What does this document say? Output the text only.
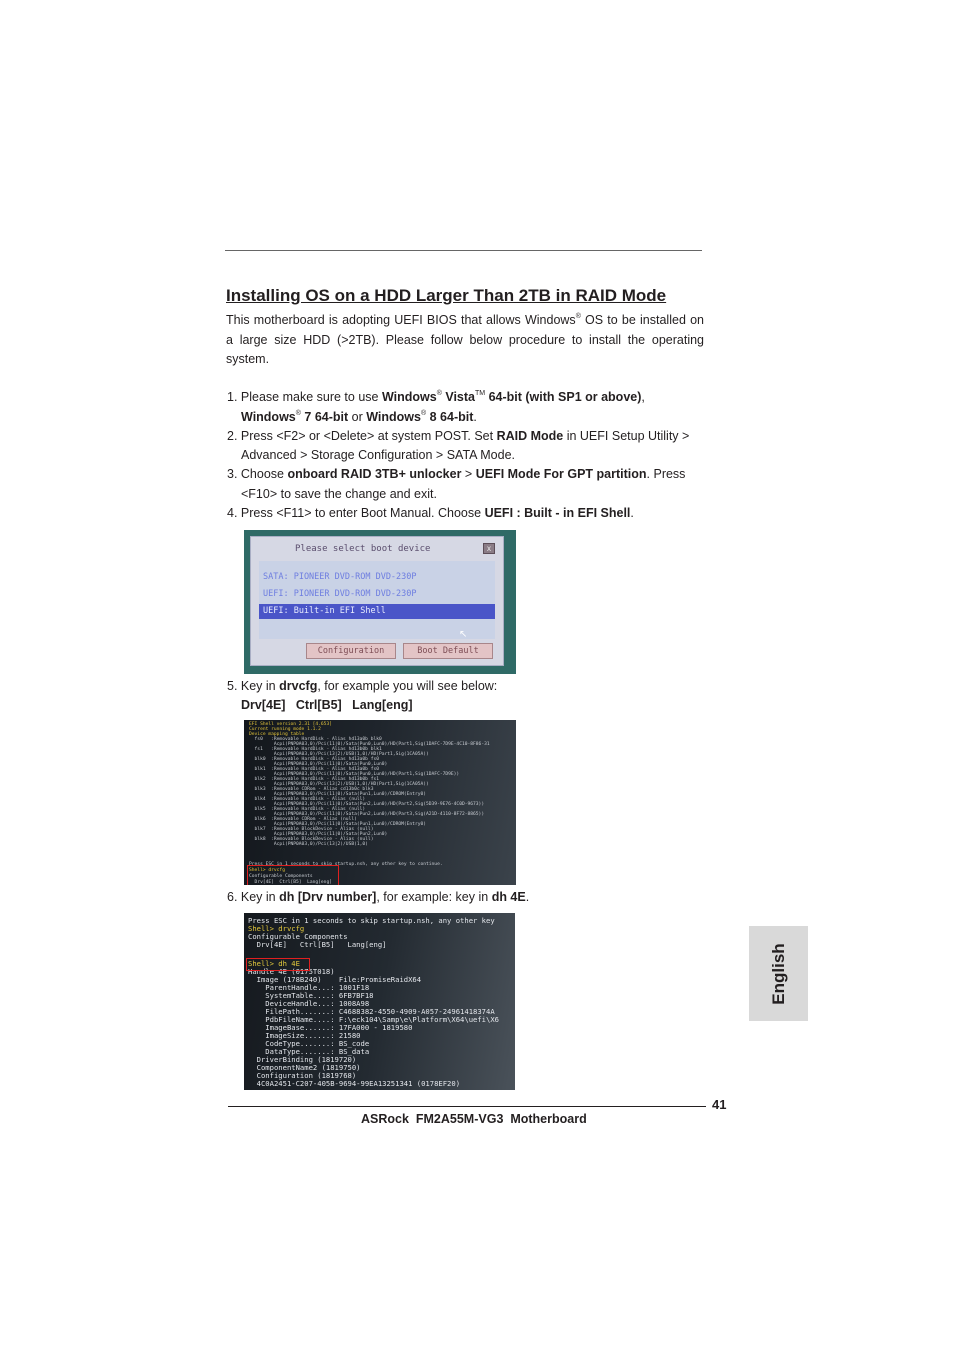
Installing OS on a HDD Larger Than 2TB in RAID Mode
This motherboard is adopting UEFI BIOS that allows Windows® OS to be installed on a large size HDD (>2TB). Please follow below procedure to install the operating system.
1. Please make sure to use Windows® Vista™ 64-bit (with SP1 or above),
Windows® 7 64-bit or Windows® 8 64-bit.
2. Press <F2> or <Delete> at system POST. Set RAID Mode in UEFI Setup Utility >
Advanced > Storage Configuration > SATA Mode.
3. Choose onboard RAID 3TB+ unlocker > UEFI Mode For GPT partition. Press
<F10> to save the change and exit.
4. Press <F11> to enter Boot Manual. Choose UEFI : Built - in EFI Shell.
Please select boot device	x
SATA: PIONEER DVD-ROM DVD-230P
UEFI: PIONEER DVD-ROM DVD-230P
UEFI: Built-in EFI Shell
↖
Configuration	Boot Default
5. Key in drvcfg, for example you will see below:
Drv[4E]   Ctrl[B5]   Lang[eng]
EFI Shell version 2.31 [4.653]
Current running mode 1.1.2
Device mapping table
fs0   :Removable HardDisk - Alias hd13a0b blk0
Acpi(PNP0A03,0)/Pci(11|0)/Sata(Pun0,Lun0)/HD(Part1,Sig(1DAFC-7D9E-4C10-8F86-31
fs1   :Removable HardDisk - Alias hd13b0b blk1
Acpi(PNP0A03,0)/Pci(13|2)/USB(1,0)/HD(Part1,Sig(1CA05A))
blk0  :Removable HardDisk - Alias hd13a0b fs0
Acpi(PNP0A03,0)/Pci(11|0)/Sata(Pun0,Lun0)
blk1  :Removable HardDisk - Alias hd13a0b fs0
Acpi(PNP0A03,0)/Pci(11|0)/Sata(Pun0,Lun0)/HD(Part1,Sig(1DAFC-7D9E))
blk2  :Removable HardDisk - Alias hd13b0b fs1
Acpi(PNP0A03,0)/Pci(13|2)/USB(1,0)/HD(Part1,Sig(1CA05A))
blk3  :Removable CDRom - Alias cd13b0c blk3
Acpi(PNP0A03,0)/Pci(11|0)/Sata(Pun1,Lun0)/CDROM(Entry0)
blk4  :Removable HardDisk - Alias (null)
Acpi(PNP0A03,0)/Pci(11|0)/Sata(Pun2,Lun0)/HD(Part2,Sig(5D39-9E76-4C0D-9673))
blk5  :Removable HardDisk - Alias (null)
Acpi(PNP0A03,0)/Pci(11|0)/Sata(Pun2,Lun0)/HD(Part3,Sig(A21D-4110-8F72-8865))
blk6  :Removable CDRom - Alias (null)
Acpi(PNP0A03,0)/Pci(11|0)/Sata(Pun1,Lun0)/CDROM(Entry0)
blk7  :Removable BlockDevice - Alias (null)
Acpi(PNP0A03,0)/Pci(11|0)/Sata(Pun2,Lun0)
blk8  :Removable BlockDevice - Alias (null)
Acpi(PNP0A03,0)/Pci(13|2)/USB(1,0)
Press ESC in 1 seconds to skip startup.nsh, any other key to continue.
Shell> drvcfg
Configurable Components
Drv[4E]  Ctrl[B5]  Lang[eng]
6. Key in dh [Drv number], for example: key in dh 4E.
Press ESC in 1 seconds to skip startup.nsh, any other key
Shell> drvcfg
Configurable Components
Drv[4E]   Ctrl[B5]   Lang[eng]
Shell> dh 4E
Handle 4E (0175T018)
Image (178B240)    File:PromiseRaidX64
ParentHandle...: 1001F18
SystemTable....: 6FB7BF18
DeviceHandle...: 1008A98
FilePath.......: C4688382-4550-4909-A057-24961418374A
PdbFileName....: F:\eck104\Samp\e\Platform\X64\uefi\X6
ImageBase......: 17FA000 - 1819580
ImageSize......: 21580
CodeType.......: BS_code
DataType.......: BS_data
DriverBinding (1819720)
ComponentName2 (1819750)
Configuration (1819768)
4C0A2451-C207-405B-9694-99EA13251341 (0178EF20)
English
41
ASRock  FM2A55M-VG3  Motherboard
